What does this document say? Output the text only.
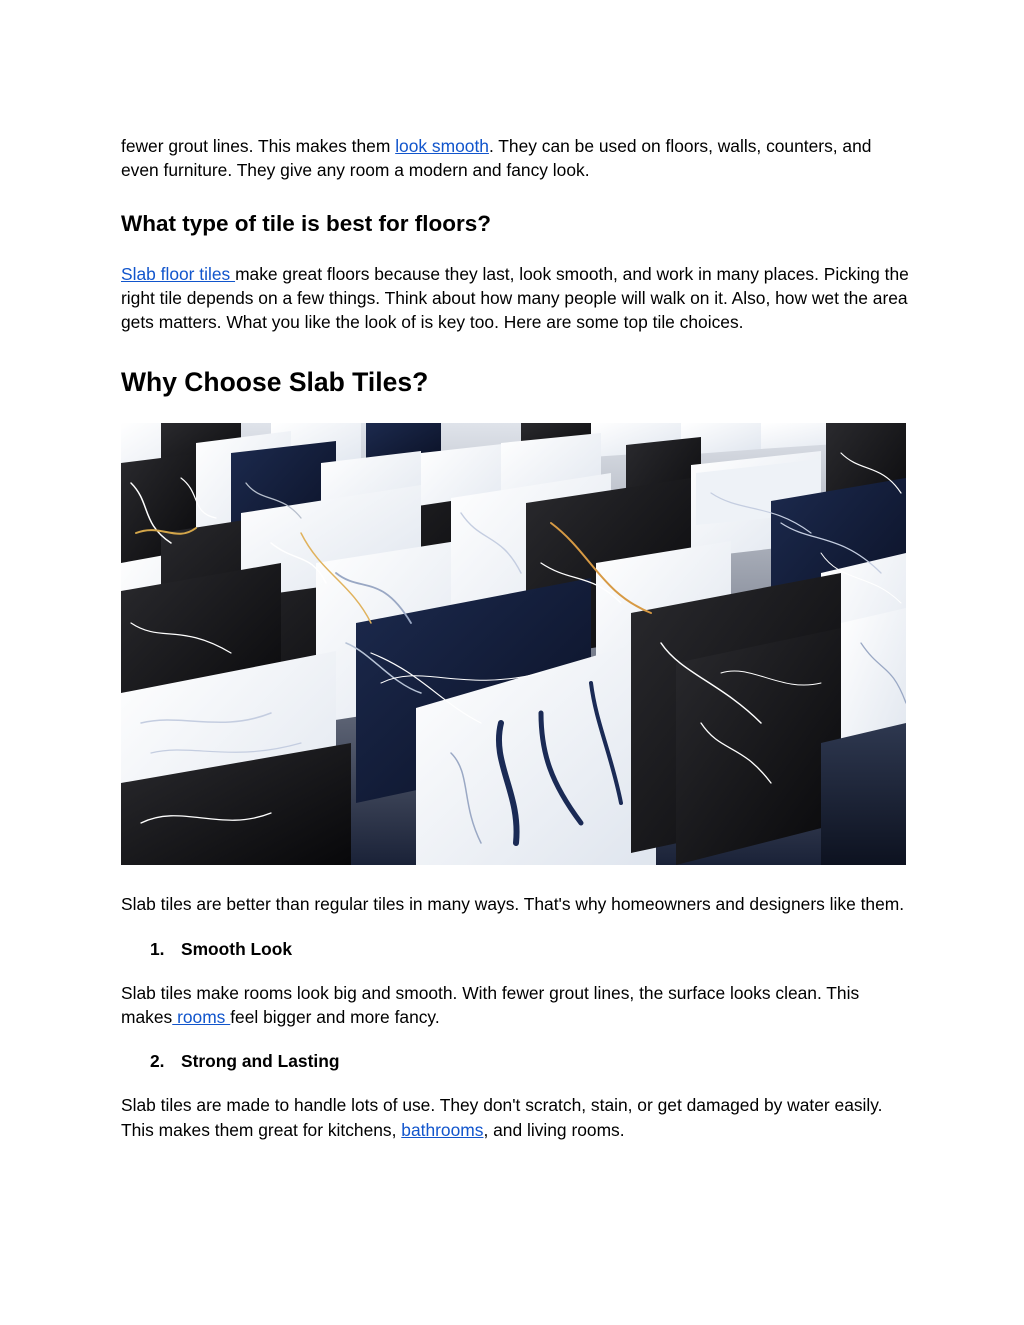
fewer grout lines. This makes them look smooth. They can be used on floors, walls, counters, and even furniture. They give any room a modern and fancy look.

What type of tile is best for floors?

Slab floor tiles make great floors because they last, look smooth, and work in many places. Picking the right tile depends on a few things. Think about how many people will walk on it. Also, how wet the area gets matters. What you like the look of is key too. Here are some top tile choices.

Why Choose Slab Tiles?

Slab tiles are better than regular tiles in many ways. That's why homeowners and designers like them.

1. Smooth Look

Slab tiles make rooms look big and smooth. With fewer grout lines, the surface looks clean. This makes rooms feel bigger and more fancy.

2. Strong and Lasting

Slab tiles are made to handle lots of use. They don't scratch, stain, or get damaged by water easily. This makes them great for kitchens, bathrooms, and living rooms.
